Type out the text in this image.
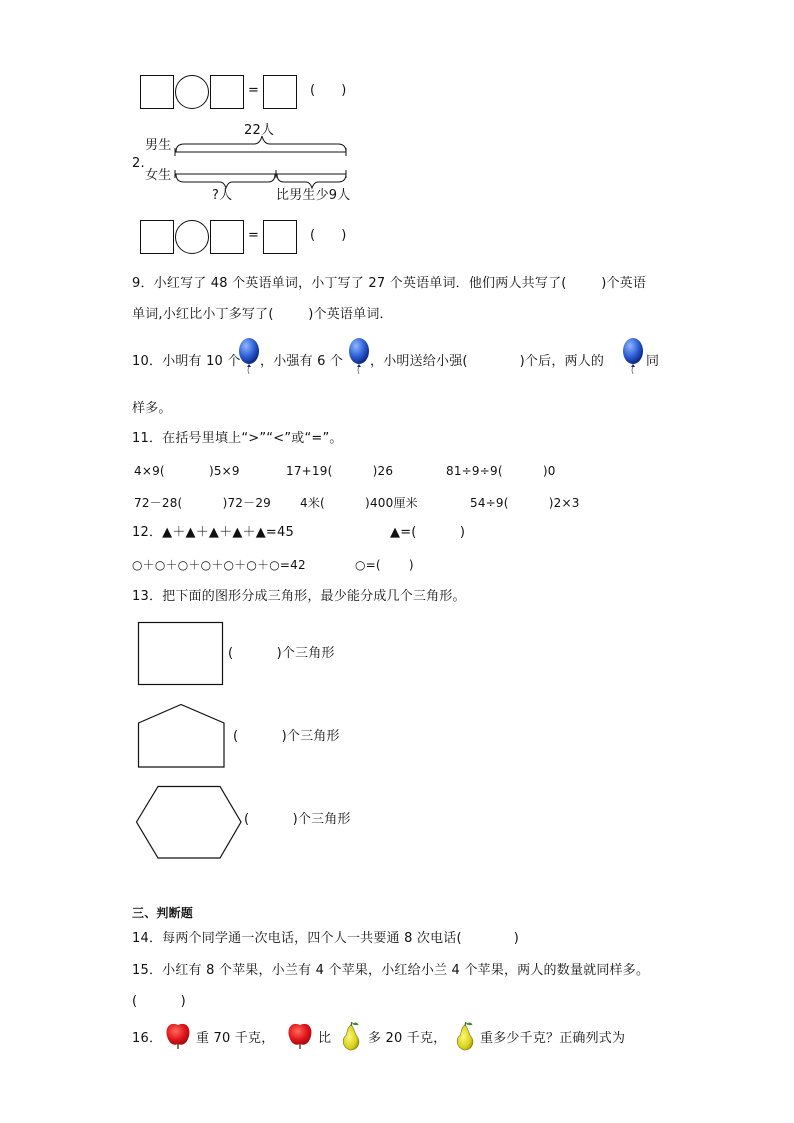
=	(      )
2.
男生
女生
22人
?人	比男生少9人
=	(      )
9．小红写了 48 个英语单词，小丁写了 27 个英语单词．他们两人共写了(        )个英语
单词,小红比小丁多写了(        )个英语单词．
10．小明有 10 个 ，小强有 6 个 ，小明送给小强(            )个后，两人的	同
样多。
11．在括号里填上“>”“<”或“=”。
4×9(           )5×9	17+19(          )26	81÷9÷9(          )0
72－28(          )72－29 4米(          )400厘米	54÷9(          )2×3
12．▲＋▲＋▲＋▲＋▲=45	▲=(          )
○＋○＋○＋○＋○＋○＋○=42	○=(       )
13．把下面的图形分成三角形，最少能分成几个三角形。
(          )个三角形
(          )个三角形
(          )个三角形
三、判断题
14．每两个同学通一次电话，四个人一共要通 8 次电话(            )
15．小红有 8 个苹果，小兰有 4 个苹果，小红给小兰 4 个苹果，两人的数量就同样多。
(          )
16．	重 70 千克，	比	多 20 千克，	重多少千克？正确列式为
